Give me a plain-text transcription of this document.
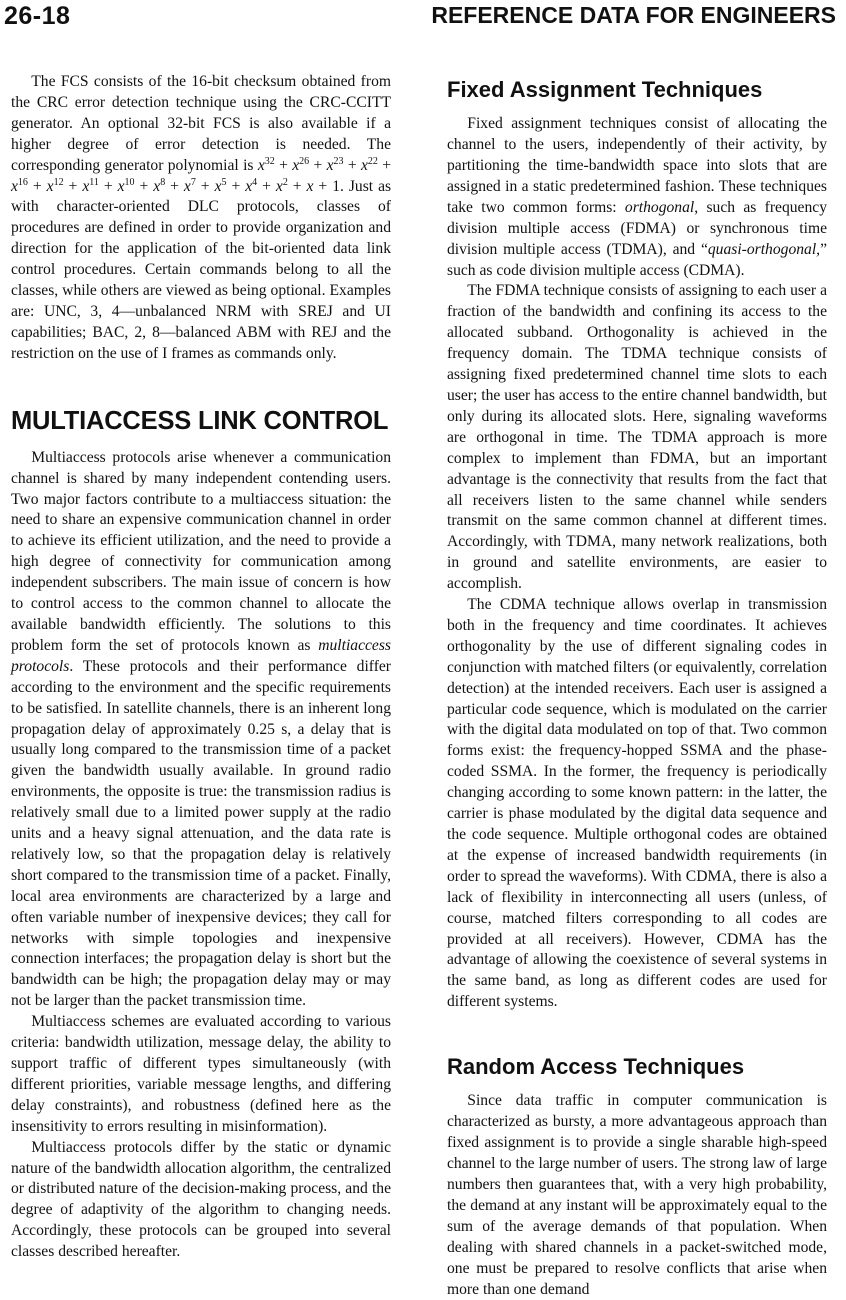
26-18	REFERENCE DATA FOR ENGINEERS

The FCS consists of the 16-bit checksum obtained from the CRC error detection technique using the CRC-CCITT generator. An optional 32-bit FCS is also available if a higher degree of error detection is needed. The corresponding generator polynomial is $x^{32} + x^{26} + x^{23} + x^{22} + x^{16} + x^{12} + x^{11} + x^{10} + x^8 + x^7 + x^5 + x^4 + x^2 + x + 1$. Just as with character-oriented DLC protocols, classes of procedures are defined in order to provide organization and direction for the application of the bit-oriented data link control procedures. Certain commands belong to all the classes, while others are viewed as being optional. Examples are: UNC, 3, 4—unbalanced NRM with SREJ and UI capabilities; BAC, 2, 8—balanced ABM with REJ and the restriction on the use of I frames as commands only.

MULTIACCESS LINK CONTROL

Multiaccess protocols arise whenever a communication channel is shared by many independent contending users. Two major factors contribute to a multiaccess situation: the need to share an expensive communication channel in order to achieve its efficient utilization, and the need to provide a high degree of connectivity for communication among independent subscribers. The main issue of concern is how to control access to the common channel to allocate the available bandwidth efficiently. The solutions to this problem form the set of protocols known as multiaccess protocols. These protocols and their performance differ according to the environment and the specific requirements to be satisfied. In satellite channels, there is an inherent long propagation delay of approximately 0.25 s, a delay that is usually long compared to the transmission time of a packet given the bandwidth usually available. In ground radio environments, the opposite is true: the transmission radius is relatively small due to a limited power supply at the radio units and a heavy signal attenuation, and the data rate is relatively low, so that the propagation delay is relatively short compared to the transmission time of a packet. Finally, local area environments are characterized by a large and often variable number of inexpensive devices; they call for networks with simple topologies and inexpensive connection interfaces; the propagation delay is short but the bandwidth can be high; the propagation delay may or may not be larger than the packet transmission time.

Multiaccess schemes are evaluated according to various criteria: bandwidth utilization, message delay, the ability to support traffic of different types simultaneously (with different priorities, variable message lengths, and differing delay constraints), and robustness (defined here as the insensitivity to errors resulting in misinformation).

Multiaccess protocols differ by the static or dynamic nature of the bandwidth allocation algorithm, the centralized or distributed nature of the decision-making process, and the degree of adaptivity of the algorithm to changing needs. Accordingly, these protocols can be grouped into several classes described hereafter.

Fixed Assignment Techniques

Fixed assignment techniques consist of allocating the channel to the users, independently of their activity, by partitioning the time-bandwidth space into slots that are assigned in a static predetermined fashion. These techniques take two common forms: orthogonal, such as frequency division multiple access (FDMA) or synchronous time division multiple access (TDMA), and “quasi-orthogonal,” such as code division multiple access (CDMA).

The FDMA technique consists of assigning to each user a fraction of the bandwidth and confining its access to the allocated subband. Orthogonality is achieved in the frequency domain. The TDMA technique consists of assigning fixed predetermined channel time slots to each user; the user has access to the entire channel bandwidth, but only during its allocated slots. Here, signaling waveforms are orthogonal in time. The TDMA approach is more complex to implement than FDMA, but an important advantage is the connectivity that results from the fact that all receivers listen to the same channel while senders transmit on the same common channel at different times. Accordingly, with TDMA, many network realizations, both in ground and satellite environments, are easier to accomplish.

The CDMA technique allows overlap in transmission both in the frequency and time coordinates. It achieves orthogonality by the use of different signaling codes in conjunction with matched filters (or equivalently, correlation detection) at the intended receivers. Each user is assigned a particular code sequence, which is modulated on the carrier with the digital data modulated on top of that. Two common forms exist: the frequency-hopped SSMA and the phase-coded SSMA. In the former, the frequency is periodically changing according to some known pattern: in the latter, the carrier is phase modulated by the digital data sequence and the code sequence. Multiple orthogonal codes are obtained at the expense of increased bandwidth requirements (in order to spread the waveforms). With CDMA, there is also a lack of flexibility in interconnecting all users (unless, of course, matched filters corresponding to all codes are provided at all receivers). However, CDMA has the advantage of allowing the coexistence of several systems in the same band, as long as different codes are used for different systems.

Random Access Techniques

Since data traffic in computer communication is characterized as bursty, a more advantageous approach than fixed assignment is to provide a single sharable high-speed channel to the large number of users. The strong law of large numbers then guarantees that, with a very high probability, the demand at any instant will be approximately equal to the sum of the average demands of that population. When dealing with shared channels in a packet-switched mode, one must be prepared to resolve conflicts that arise when more than one demand
